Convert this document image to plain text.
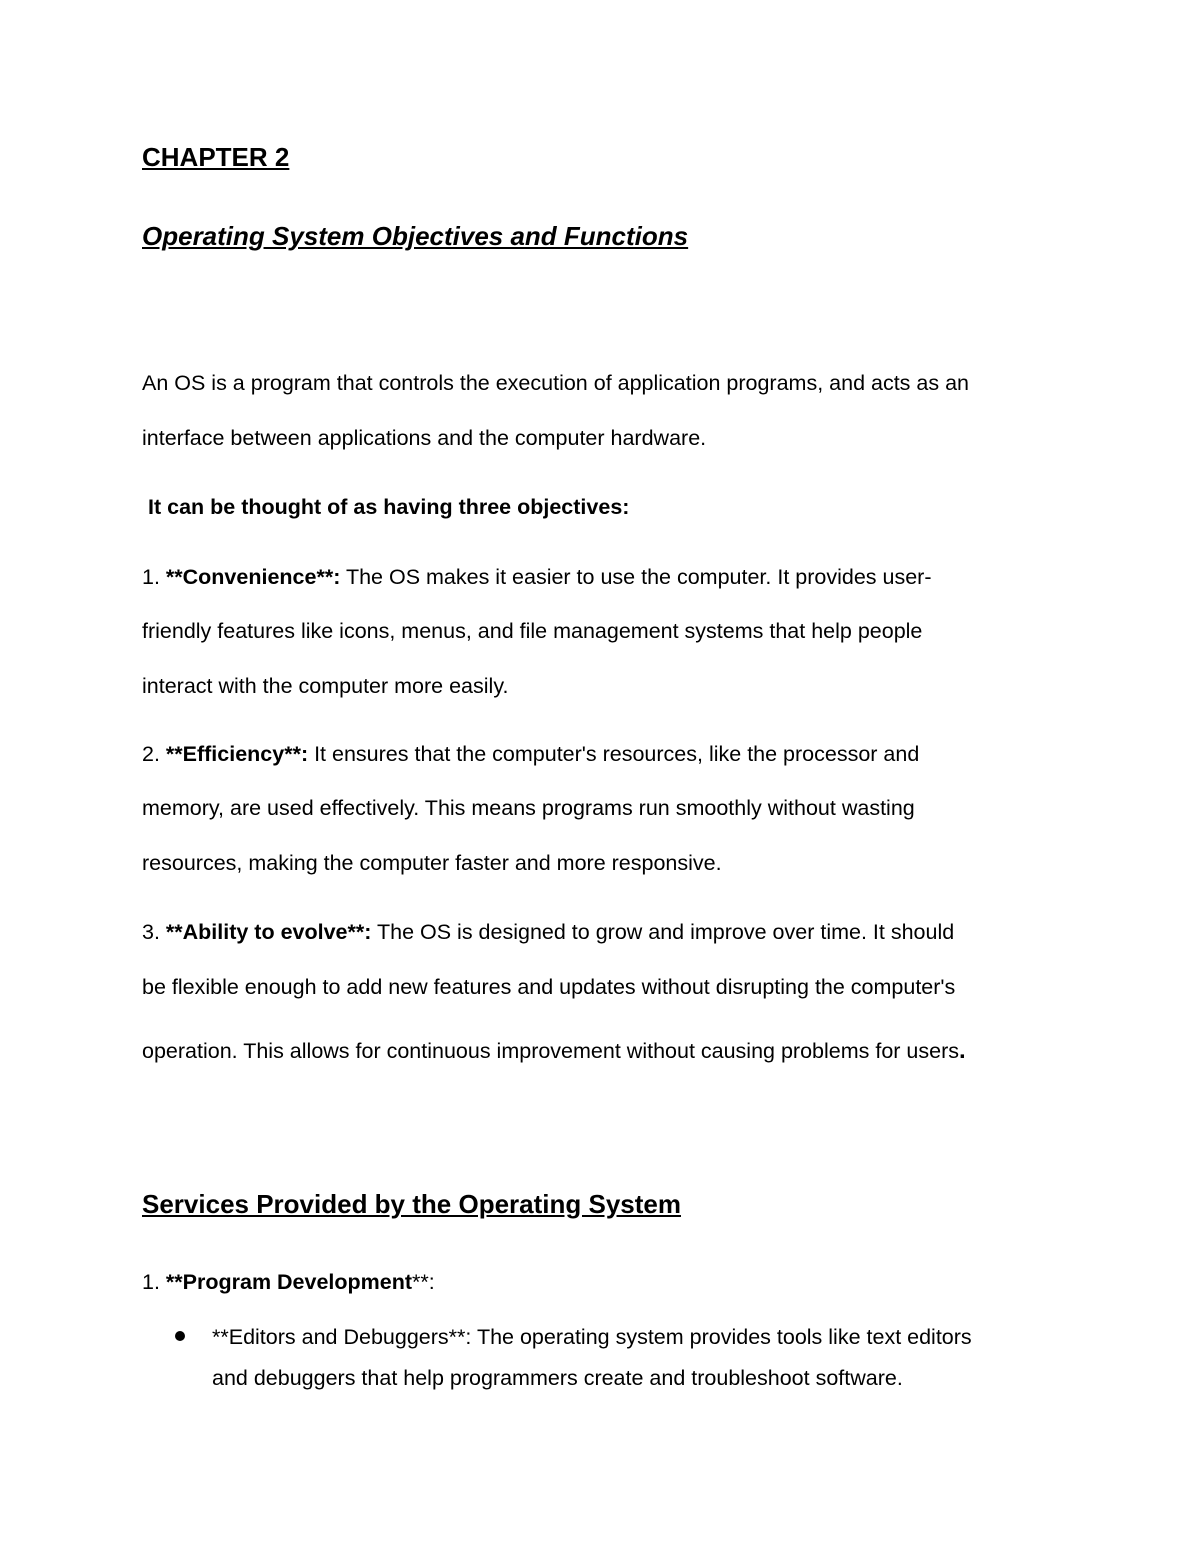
CHAPTER 2
Operating System Objectives and Functions
An OS is a program that controls the execution of application programs, and acts as an
interface between applications and the computer hardware.
It can be thought of as having three objectives:
1. **Convenience**: The OS makes it easier to use the computer. It provides user-
friendly features like icons, menus, and file management systems that help people
interact with the computer more easily.
2. **Efficiency**: It ensures that the computer's resources, like the processor and
memory, are used effectively. This means programs run smoothly without wasting
resources, making the computer faster and more responsive.
3. **Ability to evolve**: The OS is designed to grow and improve over time. It should
be flexible enough to add new features and updates without disrupting the computer's
operation. This allows for continuous improvement without causing problems for users.
Services Provided by the Operating System
1. **Program Development**:
**Editors and Debuggers**: The operating system provides tools like text editors
and debuggers that help programmers create and troubleshoot software.
